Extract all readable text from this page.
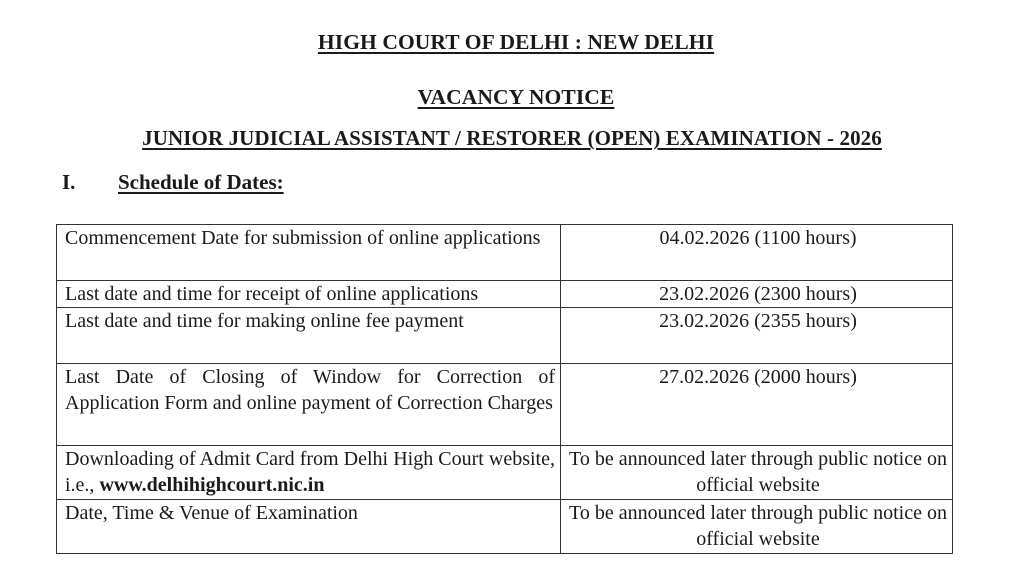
HIGH COURT OF DELHI : NEW DELHI
VACANCY NOTICE
JUNIOR JUDICIAL ASSISTANT / RESTORER (OPEN) EXAMINATION - 2026
I. Schedule of Dates:
Commencement Date for submission of online applications	04.02.2026 (1100 hours)
Last date and time for receipt of online applications	23.02.2026 (2300 hours)
Last date and time for making online fee payment	23.02.2026 (2355 hours)
Last Date of Closing of Window for Correction of Application Form and online payment of Correction Charges	27.02.2026 (2000 hours)
Downloading of Admit Card from Delhi High Court website, i.e., www.delhihighcourt.nic.in	To be announced later through public notice on official website
Date, Time & Venue of Examination	To be announced later through public notice on official website
